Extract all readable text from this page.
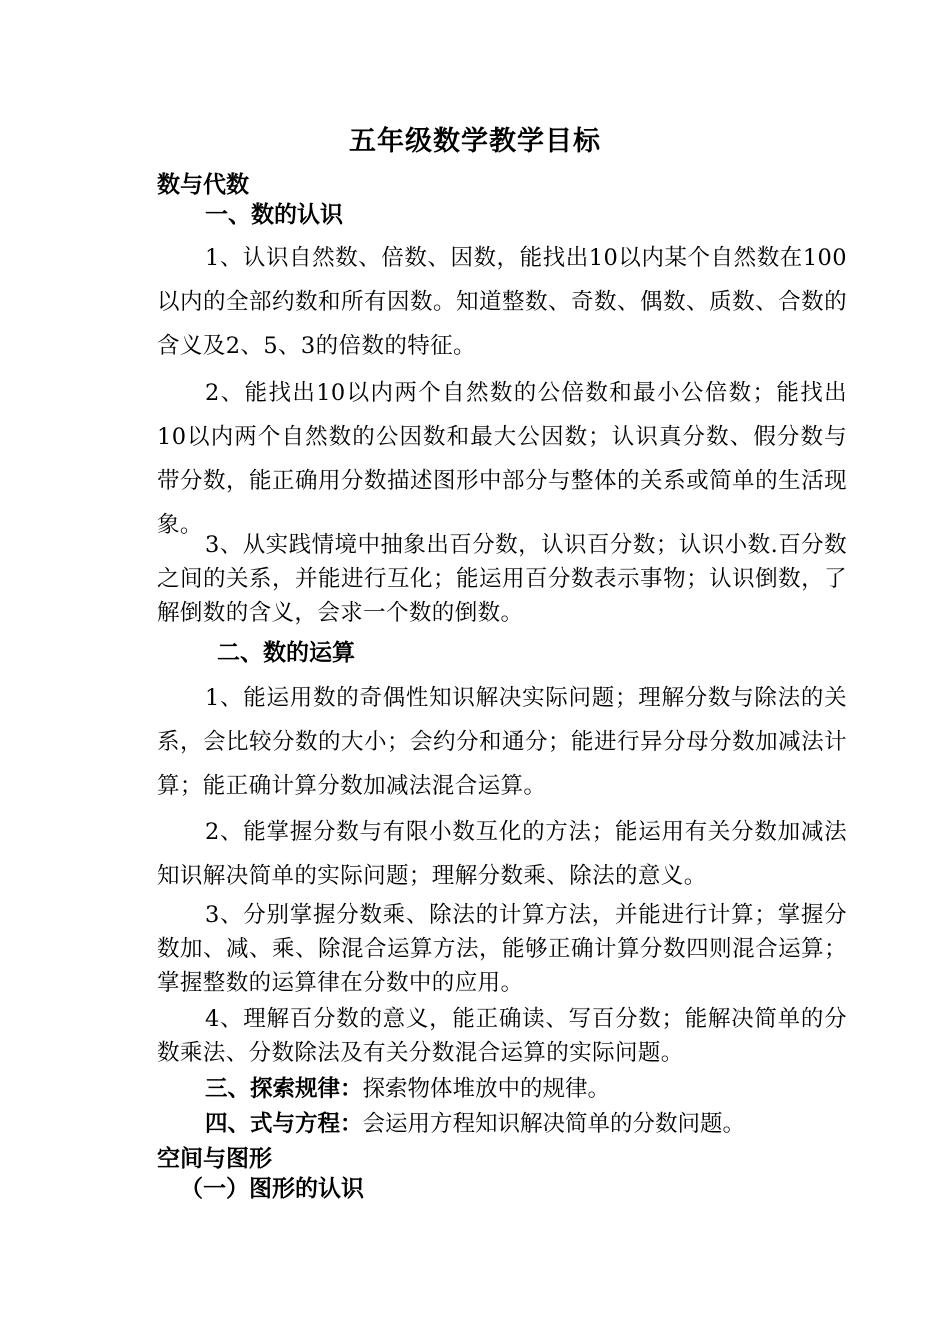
五年级数学教学目标
数与代数
一、数的认识
1、认识自然数、倍数、因数，能找出10以内某个自然数在100以内的全部约数和所有因数。知道整数、奇数、偶数、质数、合数的含义及2、5、3的倍数的特征。
2、能找出10以内两个自然数的公倍数和最小公倍数；能找出10以内两个自然数的公因数和最大公因数；认识真分数、假分数与带分数，能正确用分数描述图形中部分与整体的关系或简单的生活现象。
3、从实践情境中抽象出百分数，认识百分数；认识小数.百分数之间的关系，并能进行互化；能运用百分数表示事物；认识倒数，了解倒数的含义，会求一个数的倒数。
二、数的运算
1、能运用数的奇偶性知识解决实际问题；理解分数与除法的关系，会比较分数的大小；会约分和通分；能进行异分母分数加减法计算；能正确计算分数加减法混合运算。
2、能掌握分数与有限小数互化的方法；能运用有关分数加减法知识解决简单的实际问题；理解分数乘、除法的意义。
3、分别掌握分数乘、除法的计算方法，并能进行计算；掌握分数加、减、乘、除混合运算方法，能够正确计算分数四则混合运算；掌握整数的运算律在分数中的应用。
4、理解百分数的意义，能正确读、写百分数；能解决简单的分数乘法、分数除法及有关分数混合运算的实际问题。
三、探索规律：探索物体堆放中的规律。
四、式与方程：会运用方程知识解决简单的分数问题。
空间与图形
（一）图形的认识
